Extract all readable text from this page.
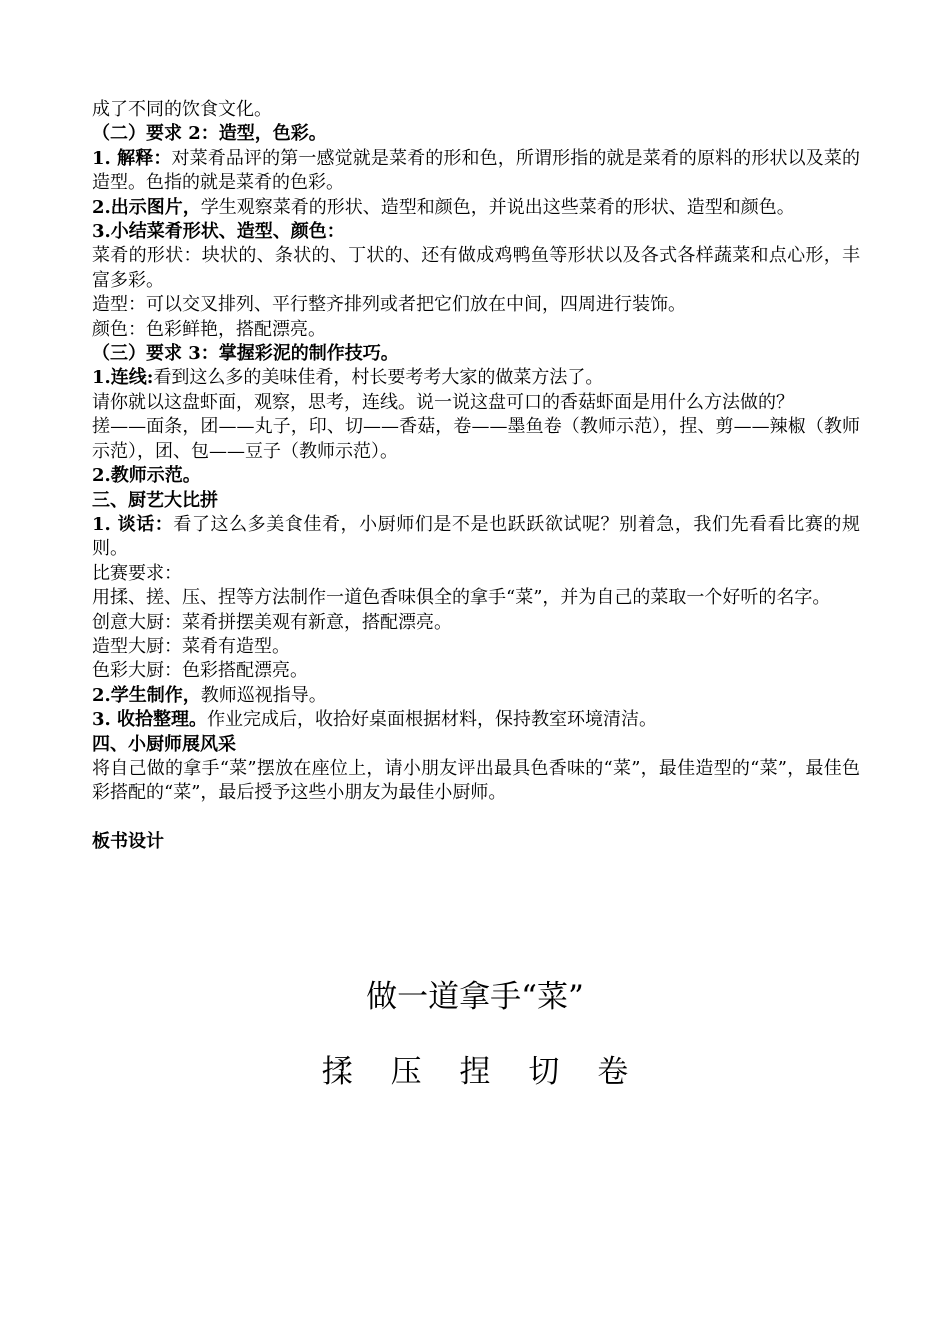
成了不同的饮食文化。

（二）要求 2：造型，色彩。

1. 解释：对菜肴品评的第一感觉就是菜肴的形和色，所谓形指的就是菜肴的原料的形状以及菜的造型。色指的就是菜肴的色彩。

2.出示图片，学生观察菜肴的形状、造型和颜色，并说出这些菜肴的形状、造型和颜色。

3.小结菜肴形状、造型、颜色：

菜肴的形状：块状的、条状的、丁状的、还有做成鸡鸭鱼等形状以及各式各样蔬菜和点心形，丰富多彩。

造型：可以交叉排列、平行整齐排列或者把它们放在中间，四周进行装饰。

颜色：色彩鲜艳，搭配漂亮。

（三）要求 3：掌握彩泥的制作技巧。

1.连线:看到这么多的美味佳肴，村长要考考大家的做菜方法了。

请你就以这盘虾面，观察，思考，连线。说一说这盘可口的香菇虾面是用什么方法做的？

搓——面条，团——丸子，印、切——香菇，卷——墨鱼卷（教师示范），捏、剪——辣椒（教师示范），团、包——豆子（教师示范）。

2.教师示范。

三、厨艺大比拼

1. 谈话：看了这么多美食佳肴，小厨师们是不是也跃跃欲试呢？别着急，我们先看看比赛的规则。

比赛要求：

用揉、搓、压、捏等方法制作一道色香味俱全的拿手“菜”，并为自己的菜取一个好听的名字。

创意大厨：菜肴拼摆美观有新意，搭配漂亮。

造型大厨：菜肴有造型。

色彩大厨：色彩搭配漂亮。

2.学生制作，教师巡视指导。

3. 收拾整理。作业完成后，收拾好桌面根据材料，保持教室环境清洁。

四、小厨师展风采

将自己做的拿手“菜”摆放在座位上，请小朋友评出最具色香味的“菜”，最佳造型的“菜”，最佳色彩搭配的“菜”，最后授予这些小朋友为最佳小厨师。

板书设计

做一道拿手“菜”
揉 压 捏 切 卷
